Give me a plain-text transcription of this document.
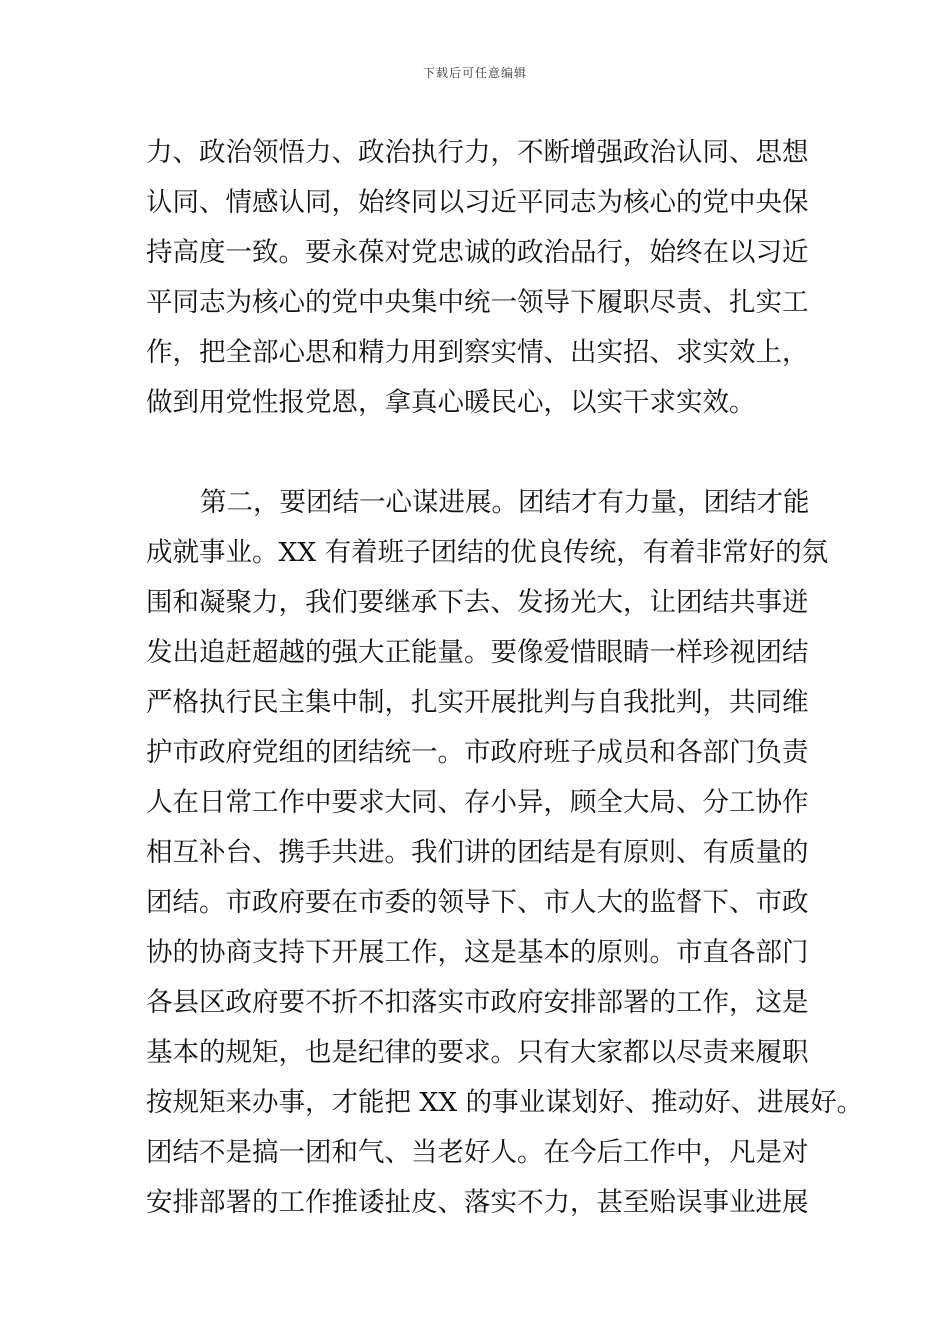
下载后可任意编辑
力、政治领悟力、政治执行力，不断增强政治认同、思想
认同、情感认同，始终同以习近平同志为核心的党中央保
持高度一致。要永葆对党忠诚的政治品行，始终在以习近
平同志为核心的党中央集中统一领导下履职尽责、扎实工
作，把全部心思和精力用到察实情、出实招、求实效上，
做到用党性报党恩，拿真心暖民心，以实干求实效。
第二，要团结一心谋进展。团结才有力量，团结才能
成就事业。XX 有着班子团结的优良传统，有着非常好的氛
围和凝聚力，我们要继承下去、发扬光大，让团结共事迸
发出追赶超越的强大正能量。要像爱惜眼睛一样珍视团结
严格执行民主集中制，扎实开展批判与自我批判，共同维
护市政府党组的团结统一。市政府班子成员和各部门负责
人在日常工作中要求大同、存小异，顾全大局、分工协作
相互补台、携手共进。我们讲的团结是有原则、有质量的
团结。市政府要在市委的领导下、市人大的监督下、市政
协的协商支持下开展工作，这是基本的原则。市直各部门
各县区政府要不折不扣落实市政府安排部署的工作，这是
基本的规矩，也是纪律的要求。只有大家都以尽责来履职
按规矩来办事，才能把 XX 的事业谋划好、推动好、进展好。
团结不是搞一团和气、当老好人。在今后工作中，凡是对
安排部署的工作推诿扯皮、落实不力，甚至贻误事业进展
